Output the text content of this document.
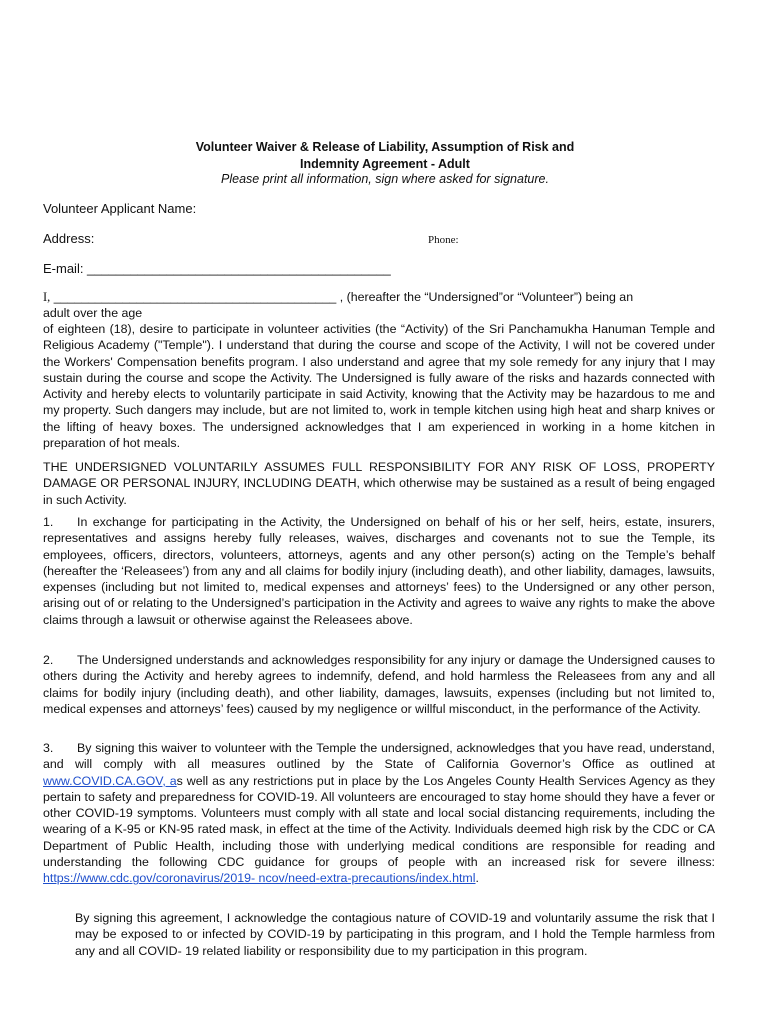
Volunteer Waiver & Release of Liability, Assumption of Risk and
Indemnity Agreement - Adult
Please print all information, sign where asked for signature.
Volunteer Applicant Name:
Address:	Phone:
E-mail: __________________________________________
I, _________________________________________ , (hereafter the “Undersigned”or “Volunteer”) being an
adult over the age
of eighteen (18), desire to participate in volunteer activities (the “Activity) of the Sri Panchamukha Hanuman Temple and Religious Academy ("Temple"). I understand that during the course and scope of the Activity, I will not be covered under the Workers' Compensation benefits program. I also understand and agree that my sole remedy for any injury that I may sustain during the course and scope the Activity. The Undersigned is fully aware of the risks and hazards connected with Activity and hereby elects to voluntarily participate in said Activity, knowing that the Activity may be hazardous to me and my property. Such dangers may include, but are not limited to, work in temple kitchen using high heat and sharp knives or the lifting of heavy boxes. The undersigned acknowledges that I am experienced in working in a home kitchen in preparation of hot meals.
THE UNDERSIGNED VOLUNTARILY ASSUMES FULL RESPONSIBILITY FOR ANY RISK OF LOSS, PROPERTY DAMAGE OR PERSONAL INJURY, INCLUDING DEATH, which otherwise may be sustained as a result of being engaged in such Activity.
1. In exchange for participating in the Activity, the Undersigned on behalf of his or her self, heirs, estate, insurers, representatives and assigns hereby fully releases, waives, discharges and covenants not to sue the Temple, its employees, officers, directors, volunteers, attorneys, agents and any other person(s) acting on the Temple’s behalf (hereafter the ‘Releasees’) from any and all claims for bodily injury (including death), and other liability, damages, lawsuits, expenses (including but not limited to, medical expenses and attorneys’ fees) to the Undersigned or any other person, arising out of or relating to the Undersigned’s participation in the Activity and agrees to waive any rights to make the above claims through a lawsuit or otherwise against the Releasees above.
2. The Undersigned understands and acknowledges responsibility for any injury or damage the Undersigned causes to others during the Activity and hereby agrees to indemnify, defend, and hold harmless the Releasees from any and all claims for bodily injury (including death), and other liability, damages, lawsuits, expenses (including but not limited to, medical expenses and attorneys’ fees) caused by my negligence or willful misconduct, in the performance of the Activity.
3. By signing this waiver to volunteer with the Temple the undersigned, acknowledges that you have read, understand, and will comply with all measures outlined by the State of California Governor’s Office as outlined at www.COVID.CA.GOV, as well as any restrictions put in place by the Los Angeles County Health Services Agency as they pertain to safety and preparedness for COVID-19. All volunteers are encouraged to stay home should they have a fever or other COVID-19 symptoms. Volunteers must comply with all state and local social distancing requirements, including the wearing of a K-95 or KN-95 rated mask, in effect at the time of the Activity. Individuals deemed high risk by the CDC or CA Department of Public Health, including those with underlying medical conditions are responsible for reading and understanding the following CDC guidance for groups of people with an increased risk for severe illness: https://www.cdc.gov/coronavirus/2019- ncov/need-extra-precautions/index.html.
By signing this agreement, I acknowledge the contagious nature of COVID-19 and voluntarily assume the risk that I may be exposed to or infected by COVID-19 by participating in this program, and I hold the Temple harmless from any and all COVID- 19 related liability or responsibility due to my participation in this program.
